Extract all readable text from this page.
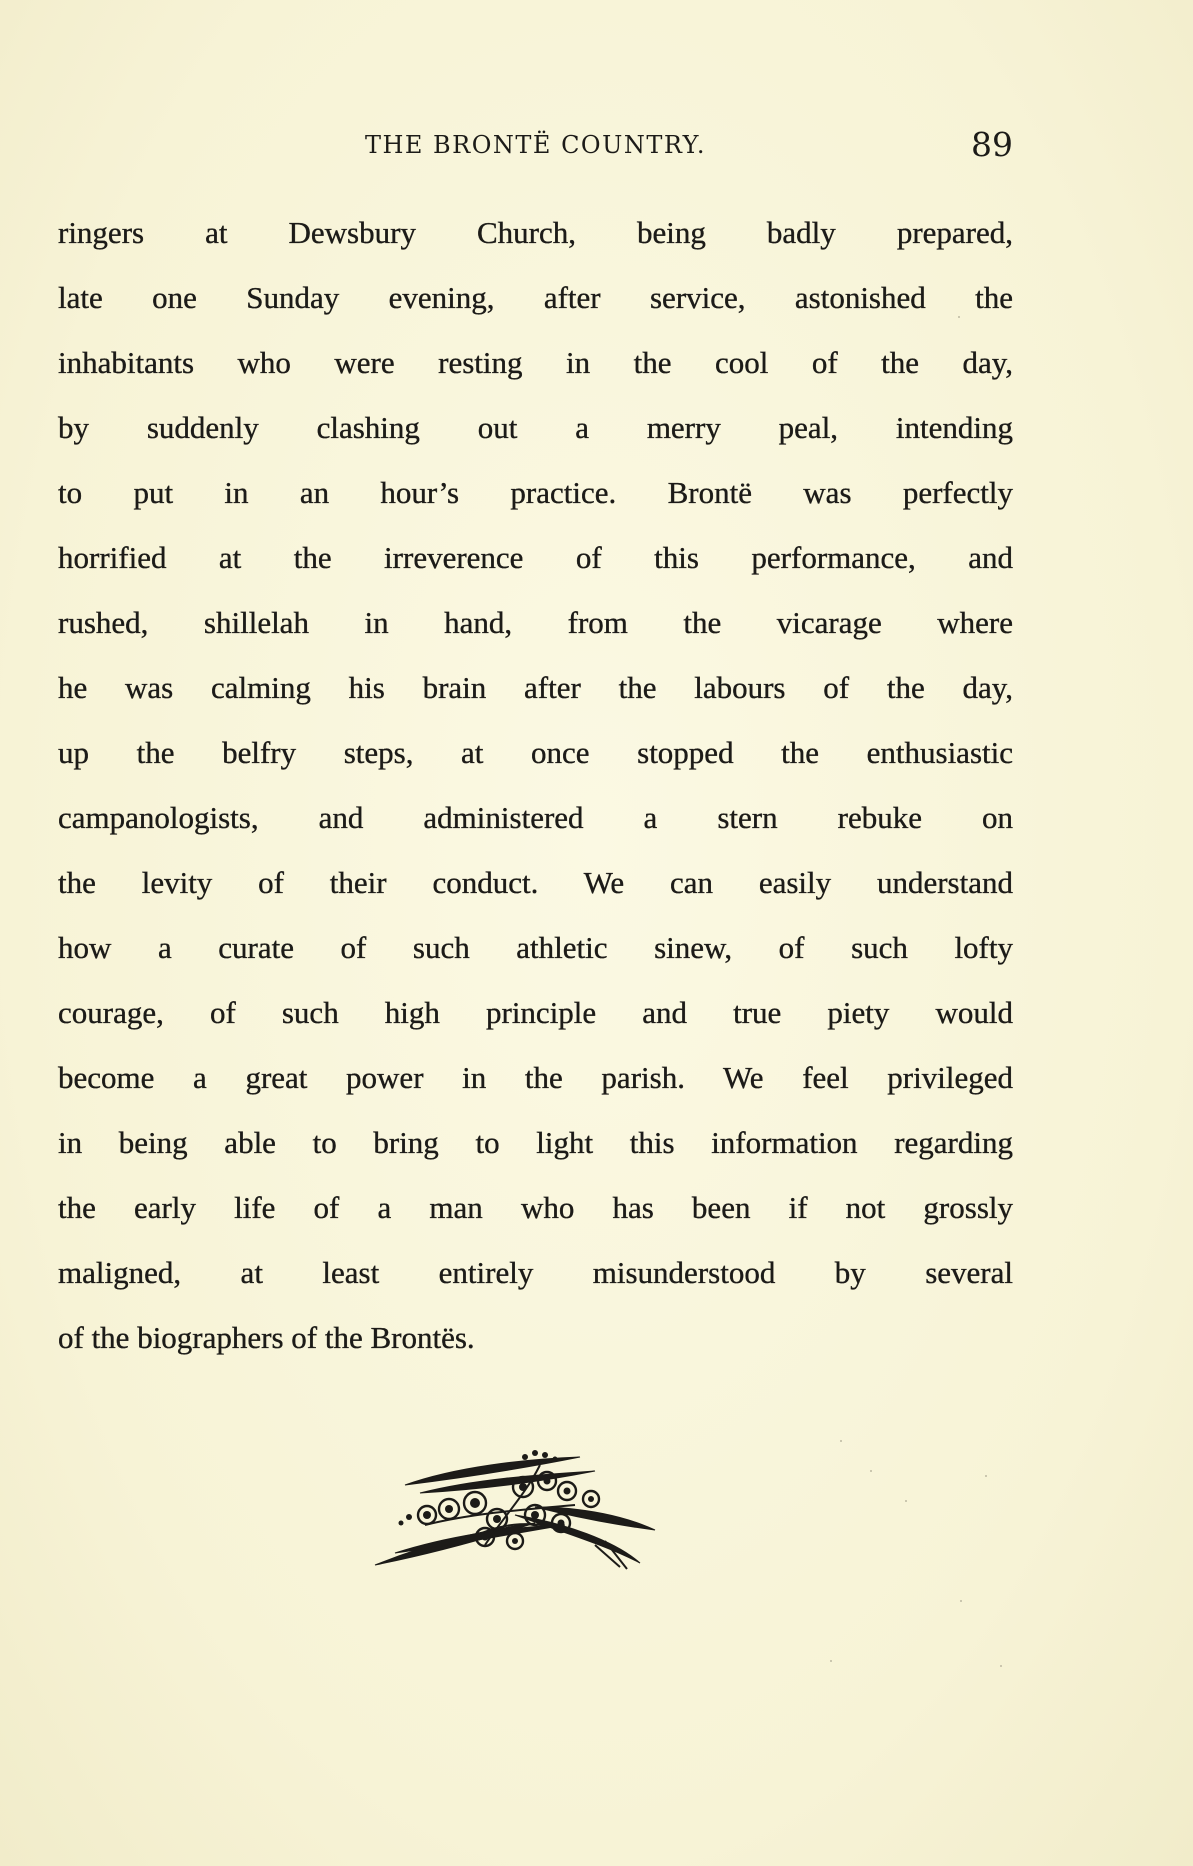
THE BRONTË COUNTRY.	89
ringers at Dewsbury Church, being badly prepared,
late one Sunday evening, after service, astonished the
inhabitants who were resting in the cool of the day,
by suddenly clashing out a merry peal, intending
to put in an hour’s practice. Brontë was perfectly
horrified at the irreverence of this performance, and
rushed, shillelah in hand, from the vicarage where
he was calming his brain after the labours of the day,
up the belfry steps, at once stopped the enthusiastic
campanologists, and administered a stern rebuke on
the levity of their conduct. We can easily understand
how a curate of such athletic sinew, of such lofty
courage, of such high principle and true piety would
become a great power in the parish. We feel privileged
in being able to bring to light this information regarding
the early life of a man who has been if not grossly
maligned, at least entirely misunderstood by several
of the biographers of the Brontës.
